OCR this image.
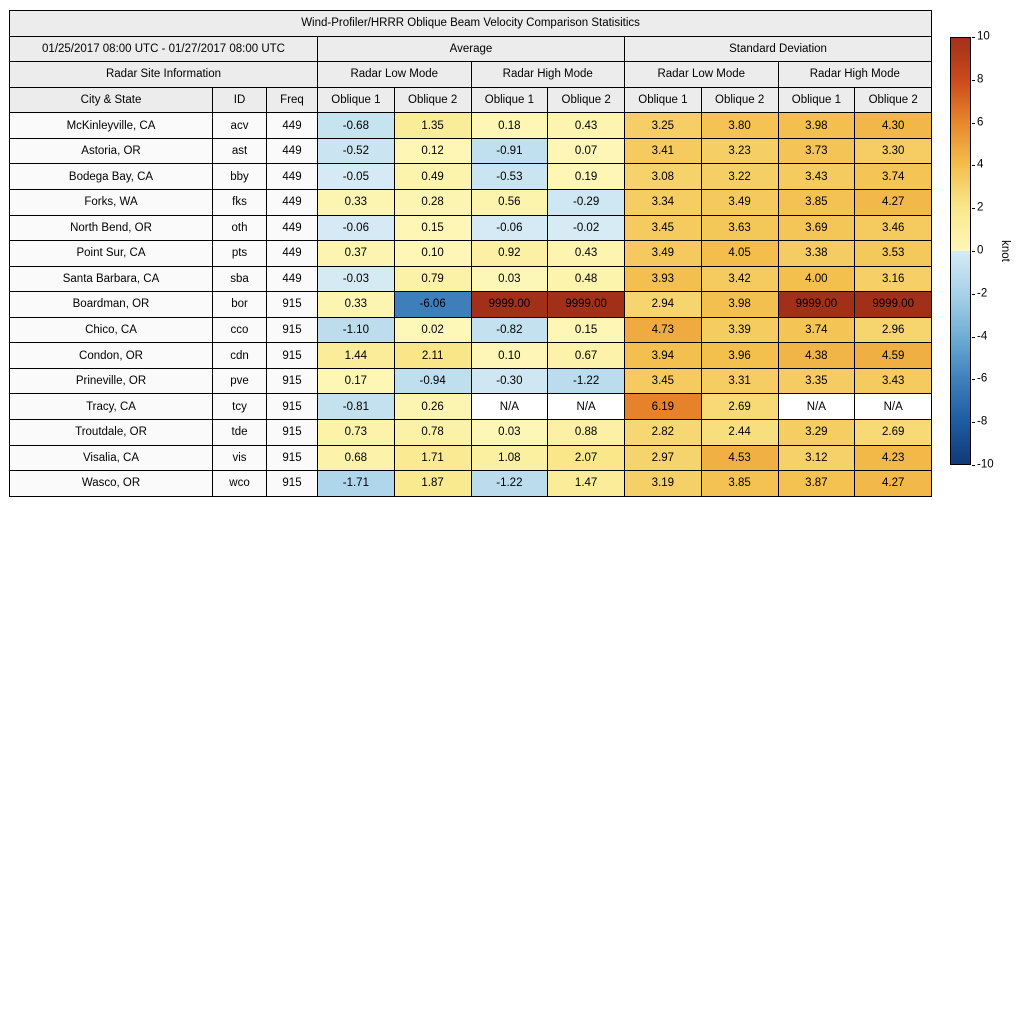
Wind-Profiler/HRRR Oblique Beam Velocity Comparison Statisitics										
01/25/2017 08:00 UTC - 01/27/2017 08:00 UTC			Average				Standard Deviation			
Radar Site Information			Radar Low Mode		Radar High Mode		Radar Low Mode		Radar High Mode	
City & State	ID	Freq	Oblique 1	Oblique 2	Oblique 1	Oblique 2	Oblique 1	Oblique 2	Oblique 1	Oblique 2
McKinleyville, CA	acv	449	-0.68	1.35	0.18	0.43	3.25	3.80	3.98	4.30
Astoria, OR	ast	449	-0.52	0.12	-0.91	0.07	3.41	3.23	3.73	3.30
Bodega Bay, CA	bby	449	-0.05	0.49	-0.53	0.19	3.08	3.22	3.43	3.74
Forks, WA	fks	449	0.33	0.28	0.56	-0.29	3.34	3.49	3.85	4.27
North Bend, OR	oth	449	-0.06	0.15	-0.06	-0.02	3.45	3.63	3.69	3.46
Point Sur, CA	pts	449	0.37	0.10	0.92	0.43	3.49	4.05	3.38	3.53
Santa Barbara, CA	sba	449	-0.03	0.79	0.03	0.48	3.93	3.42	4.00	3.16
Boardman, OR	bor	915	0.33	-6.06	9999.00	9999.00	2.94	3.98	9999.00	9999.00
Chico, CA	cco	915	-1.10	0.02	-0.82	0.15	4.73	3.39	3.74	2.96
Condon, OR	cdn	915	1.44	2.11	0.10	0.67	3.94	3.96	4.38	4.59
Prineville, OR	pve	915	0.17	-0.94	-0.30	-1.22	3.45	3.31	3.35	3.43
Tracy, CA	tcy	915	-0.81	0.26	N/A	N/A	6.19	2.69	N/A	N/A
Troutdale, OR	tde	915	0.73	0.78	0.03	0.88	2.82	2.44	3.29	2.69
Visalia, CA	vis	915	0.68	1.71	1.08	2.07	2.97	4.53	3.12	4.23
Wasco, OR	wco	915	-1.71	1.87	-1.22	1.47	3.19	3.85	3.87	4.27
10
8
6
4
2
0
-2
-4
-6
-8
-10
knot
